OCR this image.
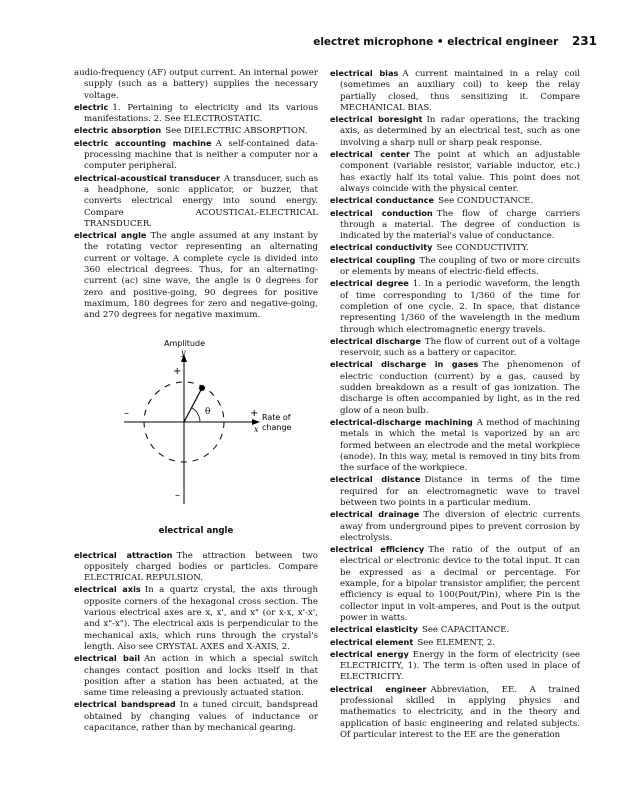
electret microphone • electrical engineer 231

audio-frequency (AF) output current. An internal power supply (such as a battery) supplies the necessary voltage.

electric 1. Pertaining to electricity and its various manifestations. 2. See ELECTROSTATIC.

electric absorption See DIELECTRIC ABSORPTION.

electric accounting machine A self-contained data-processing machine that is neither a computer nor a computer peripheral.

electrical-acoustical transducer A transducer, such as a headphone, sonic applicator, or buzzer, that converts electrical energy into sound energy. Compare ACOUSTICAL-ELECTRICAL TRANSDUCER.

electrical angle The angle assumed at any instant by the rotating vector representing an alternating current or voltage. A complete cycle is divided into 360 electrical degrees. Thus, for an alternating-current (ac) sine wave, the angle is 0 degrees for zero and positive-going, 90 degrees for positive maximum, 180 degrees for zero and negative-going, and 270 degrees for negative maximum.

Amplitude
y
+
–
+
–	θ
x
Rate of
change
electrical angle

electrical attraction The attraction between two oppositely charged bodies or particles. Compare ELECTRICAL REPULSION.

electrical axis In a quartz crystal, the axis through opposite corners of the hexagonal cross section. The various electrical axes are x, x', and x" (or x-x, x'-x', and x"-x"). The electrical axis is perpendicular to the mechanical axis, which runs through the crystal's length. Also see CRYSTAL AXES and X-AXIS, 2.

electrical bail An action in which a special switch changes contact position and locks itself in that position after a station has been actuated, at the same time releasing a previously actuated station.

electrical bandspread In a tuned circuit, bandspread obtained by changing values of inductance or capacitance, rather than by mechanical gearing.

electrical bias A current maintained in a relay coil (sometimes an auxiliary coil) to keep the relay partially closed, thus sensitizing it. Compare MECHANICAL BIAS.

electrical boresight In radar operations, the tracking axis, as determined by an electrical test, such as one involving a sharp null or sharp peak response.

electrical center The point at which an adjustable component (variable resistor, variable inductor, etc.) has exactly half its total value. This point does not always coincide with the physical center.

electrical conductance See CONDUCTANCE.

electrical conduction The flow of charge carriers through a material. The degree of conduction is indicated by the material's value of conductance.

electrical conductivity See CONDUCTIVITY.

electrical coupling The coupling of two or more circuits or elements by means of electric-field effects.

electrical degree 1. In a periodic waveform, the length of time corresponding to 1/360 of the time for completion of one cycle. 2. In space, that distance representing 1/360 of the wavelength in the medium through which electromagnetic energy travels.

electrical discharge The flow of current out of a voltage reservoir, such as a battery or capacitor.

electrical discharge in gases The phenomenon of electric conduction (current) by a gas, caused by sudden breakdown as a result of gas ionization. The discharge is often accompanied by light, as in the red glow of a neon bulb.

electrical-discharge machining A method of machining metals in which the metal is vaporized by an arc formed between an electrode and the metal workpiece (anode). In this way, metal is removed in tiny bits from the surface of the workpiece.

electrical distance Distance in terms of the time required for an electromagnetic wave to travel between two points in a particular medium.

electrical drainage The diversion of electric currents away from underground pipes to prevent corrosion by electrolysis.

electrical efficiency The ratio of the output of an electrical or electronic device to the total input. It can be expressed as a decimal or percentage. For example, for a bipolar transistor amplifier, the percent efficiency is equal to 100(Pout/Pin), where Pin is the collector input in volt-amperes, and Pout is the output power in watts.

electrical elasticity See CAPACITANCE.

electrical element See ELEMENT, 2.

electrical energy Energy in the form of electricity (see ELECTRICITY, 1). The term is often used in place of ELECTRICITY.

electrical engineer Abbreviation, EE. A trained professional skilled in applying physics and mathematics to electricity, and in the theory and application of basic engineering and related subjects. Of particular interest to the EE are the generation
